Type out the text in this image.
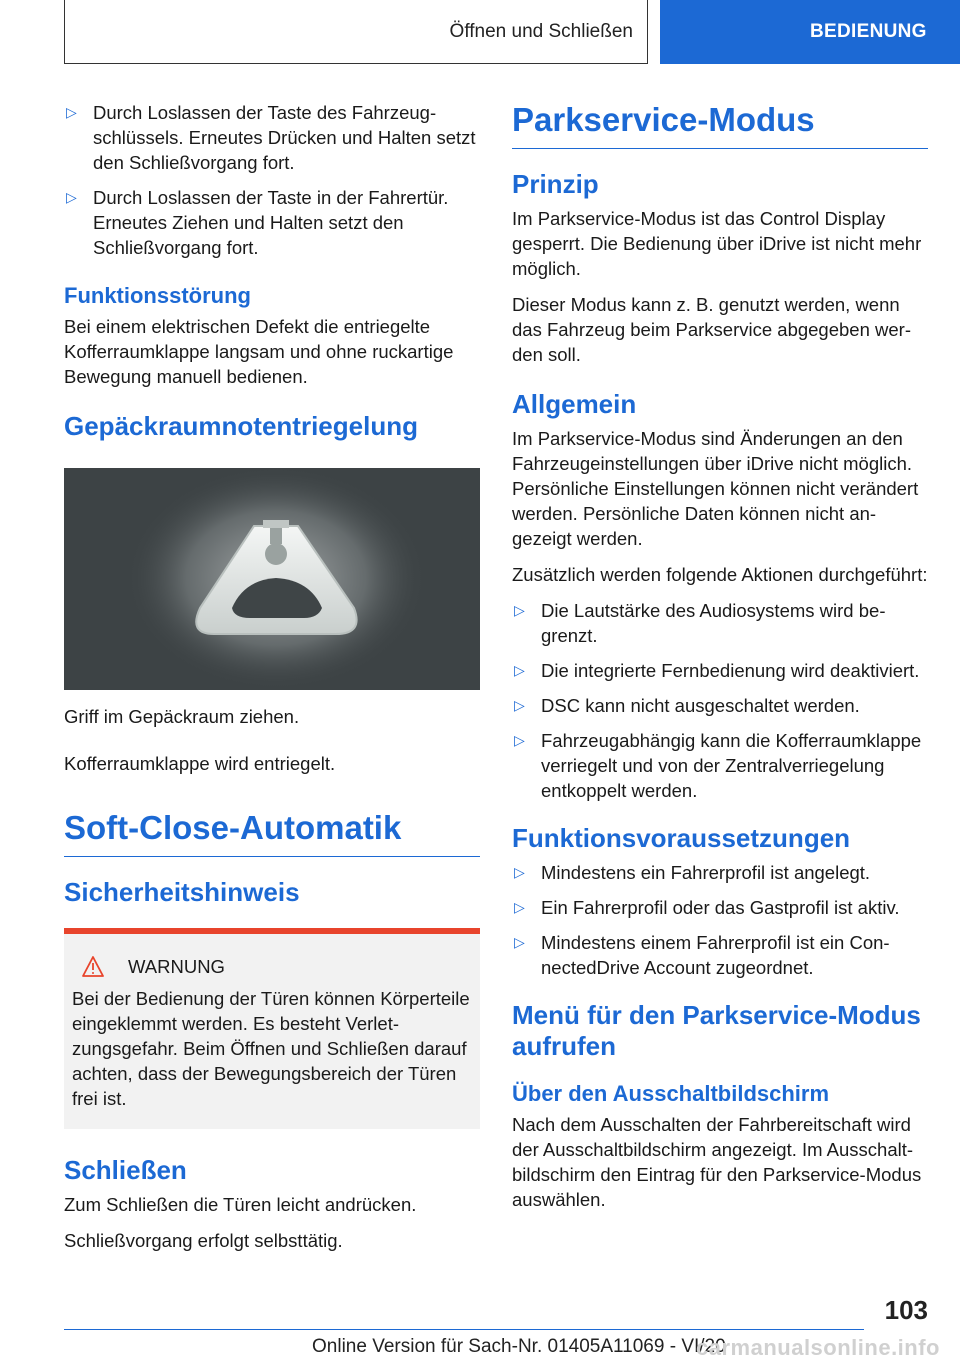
Öffnen und Schließen	BEDIENUNG
▷ Durch Loslassen der Taste des Fahrzeugschlüssels. Erneutes Drücken und Halten setzt den Schließvorgang fort.
▷ Durch Loslassen der Taste in der Fahrertür. Erneutes Ziehen und Halten setzt den Schließvorgang fort.
Funktionsstörung

Bei einem elektrischen Defekt die entriegelte Kofferraumklappe langsam und ohne ruckartige Bewegung manuell bedienen.

Gepäckraumnotentriegelung

Griff im Gepäckraum ziehen.

Kofferraumklappe wird entriegelt.

Soft-Close-Automatik
Sicherheitshinweis
WARNUNG

Bei der Bedienung der Türen können Körperteile eingeklemmt werden. Es besteht Verletzungsgefahr. Beim Öffnen und Schließen darauf achten, dass der Bewegungsbereich der Türen frei ist.

Schließen

Zum Schließen die Türen leicht andrücken.

Schließvorgang erfolgt selbsttätig.

Parkservice-Modus
Prinzip

Im Parkservice-Modus ist das Control Display gesperrt. Die Bedienung über iDrive ist nicht mehr möglich.

Dieser Modus kann z. B. genutzt werden, wenn das Fahrzeug beim Parkservice abgegeben werden soll.

Allgemein

Im Parkservice-Modus sind Änderungen an den Fahrzeugeinstellungen über iDrive nicht möglich. Persönliche Einstellungen können nicht verändert werden. Persönliche Daten können nicht angezeigt werden.

Zusätzlich werden folgende Aktionen durchgeführt:

▷ Die Lautstärke des Audiosystems wird begrenzt.
▷ Die integrierte Fernbedienung wird deaktiviert.
▷ DSC kann nicht ausgeschaltet werden.
▷ Fahrzeugabhängig kann die Kofferraumklappe verriegelt und von der Zentralverriegelung entkoppelt werden.
Funktionsvoraussetzungen
▷ Mindestens ein Fahrerprofil ist angelegt.
▷ Ein Fahrerprofil oder das Gastprofil ist aktiv.
▷ Mindestens einem Fahrerprofil ist ein ConnectedDrive Account zugeordnet.
Menü für den Parkservice-Modus aufrufen
Über den Ausschaltbildschirm

Nach dem Ausschalten der Fahrbereitschaft wird der Ausschaltbildschirm angezeigt. Im Ausschaltbildschirm den Eintrag für den Parkservice-Modus auswählen.

103
Online Version für Sach-Nr. 01405A11069 - VI/20
carmanualsonline.info
